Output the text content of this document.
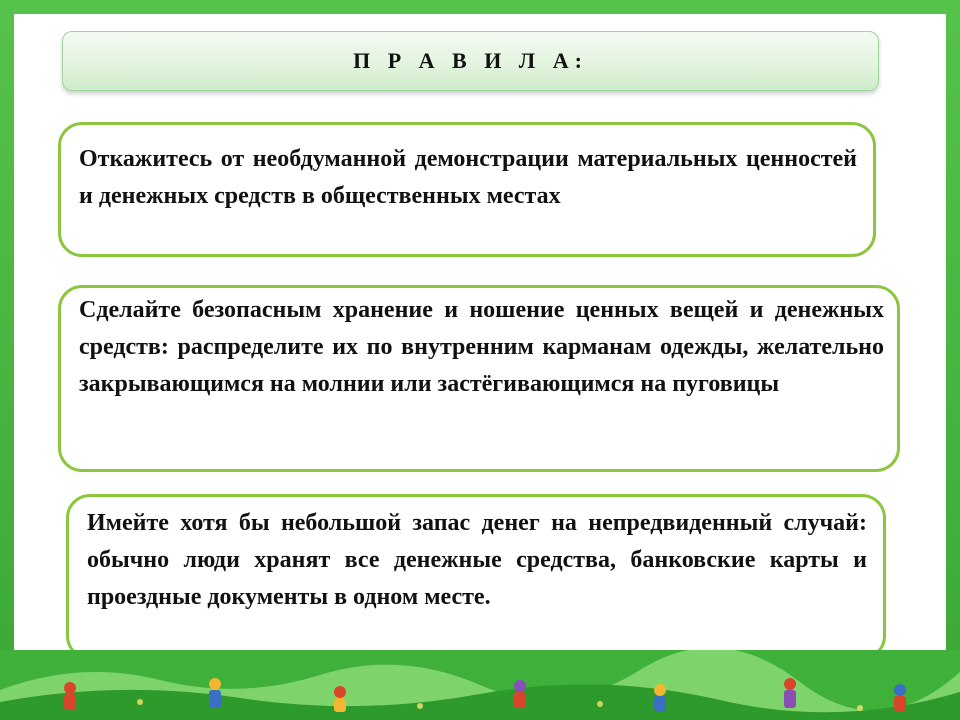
П Р А В И Л А:
Откажитесь от необдуманной демонстрации материальных ценностей и денежных средств в общественных местах
Сделайте безопасным хранение и ношение ценных вещей и денежных средств: распределите их по внутренним карманам одежды, желательно закрывающимся на молнии или застёгивающимся на пуговицы
Имейте хотя бы небольшой запас денег на непредвиденный случай: обычно люди хранят все денежные средства, банковские карты и проездные документы в одном месте.
